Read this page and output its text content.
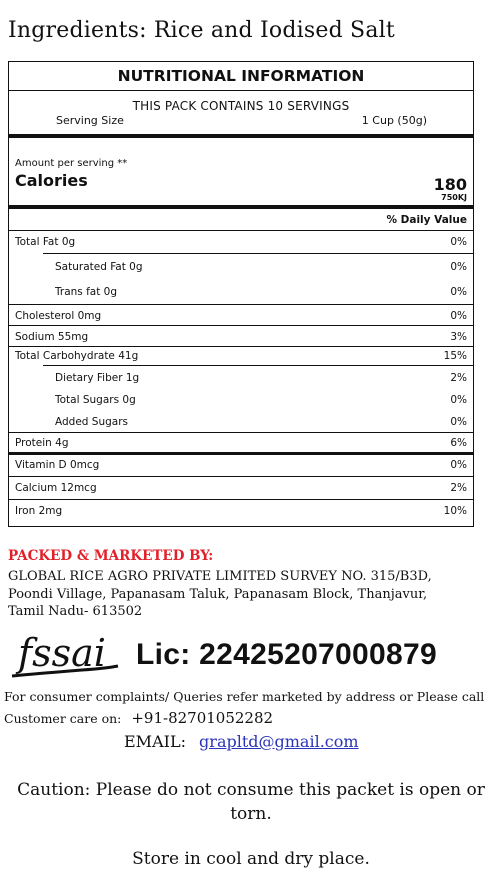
Ingredients: Rice and Iodised Salt
NUTRITIONAL INFORMATION
THIS PACK CONTAINS 10 SERVINGS
Serving Size	1 Cup (50g)
Amount per serving **
Calories	180
750KJ
% Daily Value
Total Fat 0g	0%
Saturated Fat 0g	0%
Trans fat 0g	0%
Cholesterol 0mg	0%
Sodium 55mg	3%
Total Carbohydrate 41g	15%
Dietary Fiber 1g	2%
Total Sugars 0g	0%
Added Sugars	0%
Protein 4g	6%
Vitamin D 0mcg	0%
Calcium 12mcg	2%
Iron 2mg	10%
PACKED & MARKETED BY:
GLOBAL RICE AGRO PRIVATE LIMITED SURVEY NO. 315/B3D,
Poondi Village, Papanasam Taluk, Papanasam Block, Thanjavur,
Tamil Nadu- 613502
fssai Lic: 22425207000879
For consumer complaints/ Queries refer marketed by address or Please call
Customer care on: +91-82701052282
EMAIL: grapltd@gmail.com
Caution: Please do not consume this packet is open or
torn.
Store in cool and dry place.
